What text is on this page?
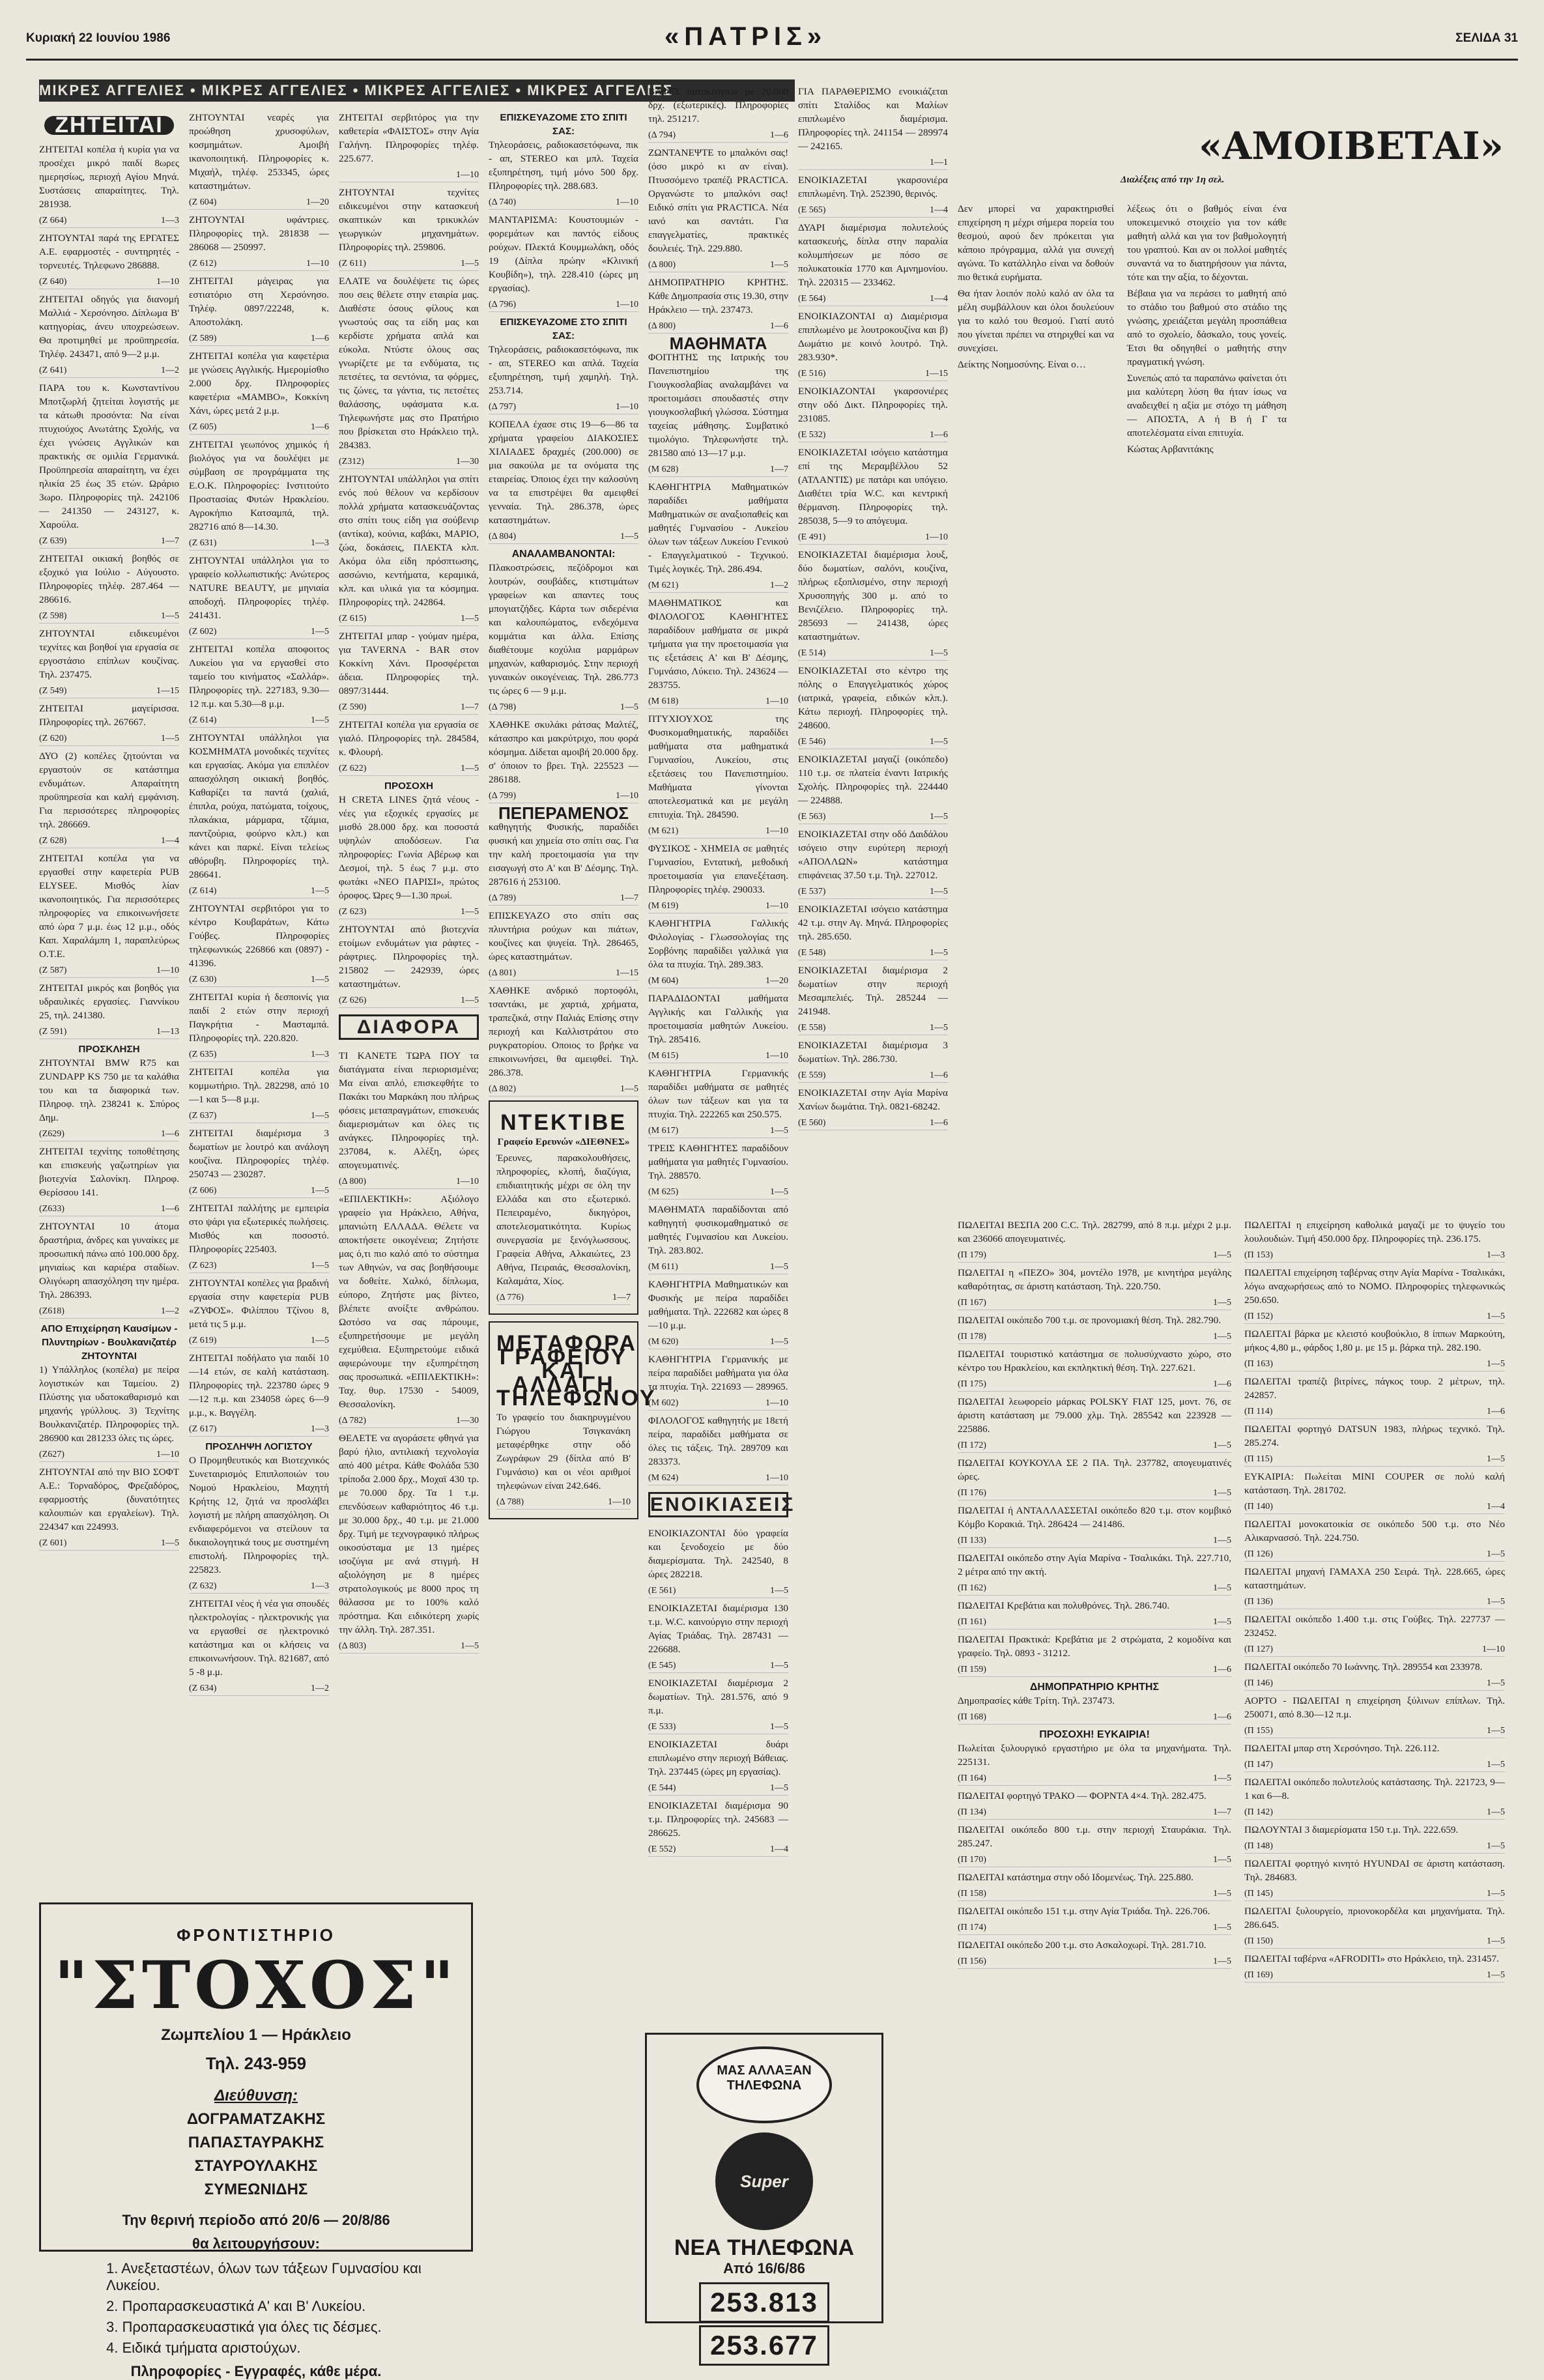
Κυριακή 22 Ιουνίου 1986	«ΠΑΤΡΙΣ»	ΣΕΛΙΔΑ 31
ΜΙΚΡΕΣ ΑΓΓΕΛΙΕΣ • ΜΙΚΡΕΣ ΑΓΓΕΛΙΕΣ • ΜΙΚΡΕΣ ΑΓΓΕΛΙΕΣ • ΜΙΚΡΕΣ ΑΓΓΕΛΙΕΣ
«ΑΜΟΙΒΕΤΑΙ»
Διαλέξεις από την 1η σελ.
ΖΗΤΕΙΤΑΙ

ΖΗΤΕΙΤΑΙ κοπέλα ή κυρία για να προσέχει μικρό παιδί 8ωρες ημερησίως, περιοχή Αγίου Μηνά. Συστάσεις απαραίτητες. Τηλ. 281938.

(Ζ 664)	1—3

ΖΗΤΟΥΝΤΑΙ παρά της ΕΡΓΑΤΕΣ Α.Ε. εφαρμοστές - συντηρητές - τορνευτές. Τηλεφωνο 286888.

(Ζ 640)	1—10

ΖΗΤΕΙΤΑΙ οδηγός για διανομή Μαλλιά - Χερσόνησο. Δίπλωμα Β' κατηγορίας, άνευ υποχρεώσεων. Θα προτιμηθεί με προϋπηρεσία. Τηλέφ. 243471, από 9—2 μ.μ.

(Ζ 641)	1—2

ΠΑΡΑ του κ. Κωνσταντίνου Μποτζωρλή ζητείται λογιστής με τα κάτωθι προσόντα: Να είναι πτυχιούχος Ανωτάτης Σχολής, να έχει γνώσεις Αγγλικών και πρακτικής σε ομιλία Γερμανικά. Προϋπηρεσία απαραίτητη, να έχει ηλικία 25 έως 35 ετών. Ωράριο 3ωρο. Πληροφορίες τηλ. 242106 — 241350 — 243127, κ. Χαρούλα.

(Ζ 639)	1—7

ΖΗΤΕΙΤΑΙ οικιακή βοηθός σε εξοχικό για Ιούλιο - Αύγουστο. Πληροφορίες τηλέφ. 287.464 — 286616.

(Ζ 598)	1—5

ΖΗΤΟΥΝΤΑΙ ειδικευμένοι τεχνίτες και βοηθοί για εργασία σε εργοστάσιο επίπλων κουζίνας. Τηλ. 237475.

(Ζ 549)	1—15

ΖΗΤΕΙΤΑΙ μαγείρισσα. Πληροφορίες τηλ. 267667.

(Ζ 620)	1—5

ΔΥΟ (2) κοπέλες ζητούνται να εργαστούν σε κατάστημα ενδυμάτων. Απαραίτητη προϋπηρεσία και καλή εμφάνιση. Για περισσότερες πληροφορίες τηλ. 286669.

(Ζ 628)	1—4

ΖΗΤΕΙΤΑΙ κοπέλα για να εργασθεί στην καφετερία PUB ELYSEE. Μισθός λίαν ικανοποιητικός. Για περισσότερες πληροφορίες να επικοινωνήσετε από ώρα 7 μ.μ. έως 12 μ.μ., οδός Καπ. Χαραλάμπη 1, παραπλεύρως Ο.Τ.Ε.

(Ζ 587)	1—10

ΖΗΤΕΙΤΑΙ μικρός και βοηθός για υδραυλικές εργασίες. Γιαννίκου 25, τηλ. 241380.

(Ζ 591)	1—13
ΠΡΟΣΚΛΗΣΗ

ΖΗΤΟΥΝΤΑΙ BMW R75 και ZUNDAPP KS 750 με τα καλάθια του και τα διαφορικά των. Πληροφ. τηλ. 238241 κ. Σπύρος Δημ.

(Ζ629)	1—6

ΖΗΤΕΙΤΑΙ τεχνίτης τοποθέτησης και επισκευής γαζωτηρίων για βιοτεχνία Σαλονίκη. Πληροφ. Θερίσσου 141.

(Ζ633)	1—6

ΖΗΤΟΥΝΤΑΙ 10 άτομα δραστήρια, άνδρες και γυναίκες με προσωπική πάνω από 100.000 δρχ. μηνιαίως και καριέρα σταδίων. Ολιγόωρη απασχόληση την ημέρα. Τηλ. 286393.

(Ζ618)	1—2
ΑΠΟ Επιχείρηση Καυσίμων - Πλυντηρίων - Βουλκανιζατέρ ΖΗΤΟΥΝΤΑΙ

1) Υπάλληλος (κοπέλα) με πείρα λογιστικών και Ταμείου. 2) Πλύστης για υδατοκαθαρισμό και μηχανής γρύλλους. 3) Τεχνίτης Βουλκανιζατέρ. Πληροφορίες τηλ. 286900 και 281233 όλες τις ώρες.

(Ζ627)	1—10

ΖΗΤΟΥΝΤΑΙ από την ΒΙΟ ΣΟΦΤ Α.Ε.: Τορναδόρος, Φρεζαδόρος, εφαρμοστής (δυνατότητες καλουπιών και εργαλείων). Τηλ. 224347 και 224993.

(Ζ 601)	1—5

ΖΗΤΟΥΝΤΑΙ νεαρές για προώθηση χρυσοφύλων, κοσμημάτων. Αμοιβή ικανοποιητική. Πληροφορίες κ. Μιχαήλ, τηλέφ. 253345, ώρες καταστημάτων.

(Ζ 604)	1—20

ΖΗΤΟΥΝΤΑΙ υφάντριες. Πληροφορίες τηλ. 281838 — 286068 — 250997.

(Ζ 612)	1—10

ΖΗΤΕΙΤΑΙ μάγειρας για εστιατόριο στη Χερσόνησο. Τηλέφ. 0897/22248, κ. Αποστολάκη.

(Ζ 589)	1—6

ΖΗΤΕΙΤΑΙ κοπέλα για καφετέρια με γνώσεις Αγγλικής. Ημερομίσθιο 2.000 δρχ. Πληροφορίες καφετέρια «ΜΑΜΒΟ», Κοκκίνη Χάνι, ώρες μετά 2 μ.μ.

(Ζ 605)	1—6

ΖΗΤΕΙΤΑΙ γεωπόνος χημικός ή βιολόγος για να δουλέψει με σύμβαση σε προγράμματα της Ε.Ο.Κ. Πληροφορίες: Ινστιτούτο Προστασίας Φυτών Ηρακλείου. Αγροκήπιο Κατσαμπά, τηλ. 282716 από 8—14.30.

(Ζ 631)	1—3

ΖΗΤΟΥΝΤΑΙ υπάλληλοι για το γραφείο κολλωπιστικής: Ανώτερος NATURE BEAUTY, με μηνιαία αποδοχή. Πληροφορίες τηλέφ. 241431.

(Ζ 602)	1—5

ΖΗΤΕΙΤΑΙ κοπέλα αποφοιτος Λυκείου για να εργασθεί στο ταμείο του κινήματος «Σαλλάρ». Πληροφορίες τηλ. 227183, 9.30—12 π.μ. και 5.30—8 μ.μ.

(Ζ 614)	1—5

ΖΗΤΟΥΝΤΑΙ υπάλληλοι για ΚΟΣΜΗΜΑΤΑ μονοδικές τεχνίτες και εργασίας. Ακόμα για επιπλέον απασχόληση οικιακή βοηθός. Καθαρίζει τα παντά (χαλιά, έπιπλα, ρούχα, πατώματα, τοίχους, πλακάκια, μάρμαρα, τζάμια, παντζούρια, φούρνο κλπ.) και κάνει και παρκέ. Είναι τελείως αθόρυβη. Πληροφορίες τηλ. 286641.

(Ζ 614)	1—5

ΖΗΤΟΥΝΤΑΙ σερβιτόροι για το κέντρο Κουβαράτων, Κάτω Γούβες. Πληροφορίες τηλεφωνικώς 226866 και (0897) - 41396.

(Ζ 630)	1—5

ΖΗΤΕΙΤΑΙ κυρία ή δεσποινίς για παιδί 2 ετών στην περιοχή Παγκρήτια - Μασταμπά. Πληροφορίες τηλ. 220.820.

(Ζ 635)	1—3

ΖΗΤΕΙΤΑΙ κοπέλα για κομμωτήριο. Τηλ. 282298, από 10—1 και 5—8 μ.μ.

(Ζ 637)	1—5

ΖΗΤΕΙΤΑΙ διαμέρισμα 3 δωματίων με λουτρό και ανάλογη κουζίνα. Πληροφορίες τηλέφ. 250743 — 230287.

(Ζ 606)	1—5

ΖΗΤΕΙΤΑΙ παλλήτης με εμπειρία στο ψάρι για εξωτερικές πωλήσεις. Μισθός και ποσοστό. Πληροφορίες 225403.

(Ζ 623)	1—5

ΖΗΤΟΥΝΤΑΙ κοπέλες για βραδινή εργασία στην καφετερία PUB «ΖΥΦΟΣ». Φιλίππου Τζίνου 8, μετά τις 5 μ.μ.

(Ζ 619)	1—5

ΖΗΤΕΙΤΑΙ ποδήλατο για παιδί 10—14 ετών, σε καλή κατάσταση. Πληροφορίες τηλ. 223780 ώρες 9—12 π.μ. και 234058 ώρες 6—9 μ.μ., κ. Βαγγέλη.

(Ζ 617)	1—3
ΠΡΟΣΛΗΨΗ ΛΟΓΙΣΤΟΥ

Ο Προμηθευτικός και Βιοτεχνικός Συνεταιρισμός Επιπλοποιών του Νομού Ηρακλείου, Μαχητή Κρήτης 12, ζητά να προσλάβει λογιστή με πλήρη απασχόληση. Οι ενδιαφερόμενοι να στείλουν τα δικαιολογητικά τους με συστημένη επιστολή. Πληροφορίες τηλ. 225823.

(Ζ 632)	1—3

ΖΗΤΕΙΤΑΙ νέος ή νέα για σπουδές ηλεκτρολογίας - ηλεκτρονικής για να εργασθεί σε ηλεκτρονικό κατάστημα και οι κλήσεις να επικοινωνήσουν. Τηλ. 821687, από 5 -8 μ.μ.

(Ζ 634)	1—2

ΖΗΤΕΙΤΑΙ σερβιτόρος για την καθετερία «ΦΑΙΣΤΟΣ» στην Αγία Γαλήνη. Πληροφορίες τηλέφ. 225.677.

1—10

ΖΗΤΟΥΝΤΑΙ τεχνίτες ειδικευμένοι στην κατασκευή σκαπτικών και τρικυκλών γεωργικών μηχανημάτων. Πληροφορίες τηλ. 259806.

(Ζ 611)	1—5

ΕΛΑΤΕ να δουλέψετε τις ώρες που σεις θέλετε στην εταιρία μας. Διαθέστε όσους φίλους και γνωστούς σας τα είδη μας και κερδίστε χρήματα απλά και εύκολα. Ντύστε όλους σας γνωρίζετε με τα ενδύματα, τις πετσέτες, τα σεντόνια, τα φόρμες, τις ζώνες, τα γάντια, τις πετσέτες θαλάσσης, υφάσματα κ.α. Τηλεφωνήστε μας στο Πρατήριο που βρίσκεται στο Ηράκλειο τηλ. 284383.

(Ζ312)	1—30

ΖΗΤΟΥΝΤΑΙ υπάλληλοι για σπίτι ενός πού θέλουν να κερδίσουν πολλά χρήματα κατασκευάζοντας στο σπίτι τους είδη για σούβενιρ (αντίκα), κούνια, καβάκι, MAPIO, ζώα, δοκάσεις, ΠΛΕΚΤΑ κλπ. Ακόμα όλα είδη πρόσπτωσης, ασσώνιο, κεντήματα, κεραμικά, κλπ. και υλικά για τα κόσμημα. Πληροφορίες τηλ. 242864.

(Ζ 615)	1—5

ΖΗΤΕΙΤΑΙ μπαρ - γούμαν ημέρα, για TAVERNA - BAR στον Κοκκίνη Χάνι. Προσφέρεται άδεια. Πληροφορίες τηλ. 0897/31444.

(Ζ 590)	1—7

ΖΗΤΕΙΤΑΙ κοπέλα για εργασία σε γιαλό. Πληροφορίες τηλ. 284584, κ. Φλουρή.

(Ζ 622)	1—5
ΠΡΟΣΟΧΗ

Η CRETA LINES ζητά νέους - νέες για εξοχικές εργασίες με μισθό 28.000 δρχ. και ποσοστά υψηλών αποδόσεων. Για πληροφορίες: Γωνία Αβέρωφ και Δεσμοί, τηλ. 5 έως 7 μ.μ. στο φωτάκι «ΝΕΟ ΠΑΡΙΣΙ», πρώτος όροφος. Ώρες 9—1.30 πρωί.

(Ζ 623)	1—5

ΖΗΤΟΥΝΤΑΙ από βιοτεχνία ετοίμων ενδυμάτων για ράφτες - ράφτριες. Πληροφορίες τηλ. 215802 — 242939, ώρες καταστημάτων.

(Ζ 626)	1—5
ΔΙΑΦΟΡΑ

ΤΙ ΚΑΝΕΤΕ ΤΩΡΑ ΠΟΥ τα διατάγματα είναι περιορισμένα; Μα είναι απλό, επισκεφθήτε το Πακάκι του Μαρκάκη που πλήρως φόσεις μεταπραγμάτων, επισκευάς διαμερισμάτων και όλες τις ανάγκες. Πληροφορίες τηλ. 237084, κ. Αλέξη, ώρες απογευματινές.

(Δ 800)	1—10

«ΕΠΙΛΕΚΤΙΚΗ»: Αξιόλογο γραφείο για Ηράκλειο, Αθήνα, μπανιώτη ΕΛΛΑΔΑ. Θέλετε να αποκτήσετε οικογένεια; Ζητήστε μας ό,τι πιο καλό από το σύστημα των Αθηνών, να σας βοηθήσουμε να δοθείτε. Χαλκό, δίπλωμα, εύπορο, Ζητήστε μας βίντεο, βλέπετε ανοίξτε ανθρώπου. Ωστόσο να σας πάρουμε, εξυπηρετήσουμε με μεγάλη εχεμύθεια. Εξυπηρετούμε ειδικά αφιερώνουμε την εξυπηρέτηση σας προσωπικά. «ΕΠΙΛΕΚΤΙΚΗ»: Ταχ. θυρ. 17530 - 54009, Θεσσαλονίκη.

(Δ 782)	1—30

ΘΕΛΕΤΕ να αγοράσετε φθηνά για βαρύ ήλιο, αντιλιακή τεχνολογία από 400 μέτρα. Κάθε Φολάδα 530 τρίποδα 2.000 δρχ., Μοχαϊ 430 τρ. με 70.000 δρχ. Τα 1 τ.μ. επενδύσεων καθαριότητος 46 τ.μ. με 30.000 δρχ., 40 τ.μ. με 21.000 δρχ. Τιμή με τεχνογραφικό πλήρως οικοσύσταμα με 13 ημέρες ισοζύγια με ανά στιγμή. Η αξιολόγηση με 8 ημέρες στρατολογικούς με 8000 προς τη θάλασσα με το 100% καλό πρόστημα. Και ειδικότερη χωρίς την άλλη. Τηλ. 287.351.

(Δ 803)	1—5
ΕΠΙΣΚΕΥΑΖΟΜΕ ΣΤΟ ΣΠΙΤΙ ΣΑΣ:

Τηλεοράσεις, ραδιοκασετόφωνα, πικ - απ, STEREO και μπλ. Ταχεία εξυπηρέτηση, τιμή μόνο 500 δρχ. Πληροφορίες τηλ. 288.683.

(Δ 740)	1—10

ΜΑΝΤΑΡΙΣΜΑ: Κουστουμιών - φορεμάτων και παντός είδους ρούχων. Πλεκτά Κουμμωλάκη, οδός 19 (Δίπλα πρώην «Κλινική Κουβίδη»), τηλ. 228.410 (ώρες μη εργασίας).

(Δ 796)	1—10
ΕΠΙΣΚΕΥΑΖΟΜΕ ΣΤΟ ΣΠΙΤΙ ΣΑΣ:

Τηλεοράσεις, ραδιοκασετόφωνα, πικ - απ, STEREO και απλά. Ταχεία εξυπηρέτηση, τιμή χαμηλή. Τηλ. 253.714.

(Δ 797)	1—10

ΚΟΠΕΛΑ έχασε στις 19—6—86 τα χρήματα γραφείου ΔΙΑΚΟΣΙΕΣ ΧΙΛΙΑΔΕΣ δραχμές (200.000) σε μια σακούλα με τα ονόματα της εταιρείας. Όποιος έχει την καλοσύνη να τα επιστρέψει θα αμειφθεί γενναία. Τηλ. 286.378, ώρες καταστημάτων.

(Δ 804)	1—5
ΑΝΑΛΑΜΒΑΝΟΝΤΑΙ:

Πλακοστρώσεις, πεζόδρομοι και λουτρών, σουβάδες, κτιστιμάτων γραφείων και απαντες τους μπογιατζήδες. Κάρτα των σιδερένια και καλουπώματος, ενδεχόμενα κομμάτια και άλλα. Επίσης διαθέτουμε κοχύλια μαρμάρων μηχανών, καθαρισμός. Στην περιοχή γυναικών οικογένειας. Τηλ. 286.773 τις ώρες 6 — 9 μ.μ.

(Δ 798)	1—5

ΧΑΘΗΚΕ σκυλάκι ράτσας Μαλτέζ, κάτασπρο και μακρύτριχο, που φορά κόσμημα. Δίδεται αμοιβή 20.000 δρχ. σ' όποιον το βρει. Τηλ. 225523 — 286188.

(Δ 799)	1—10
ΠΕΠΕΡΑΜΕΝΟΣ

καθηγητής Φυσικής, παραδίδει φυσική και χημεία στο σπίτι σας. Για την καλή προετοιμασία για την εισαγωγή στο Α' και Β' Δέσμης. Τηλ. 287616 ή 253100.

(Δ 789)	1—7

ΕΠΙΣΚΕΥΑΖΟ στο σπίτι σας πλυντήρια ρούχων και πιάτων, κουζίνες και ψυγεία. Τηλ. 286465, ώρες καταστημάτων.

(Δ 801)	1—15

ΧΑΘΗΚΕ ανδρικό πορτοφόλι, τσαντάκι, με χαρτιά, χρήματα, τραπεζικά, στην Παλιάς Επίσης στην περιοχή και Καλλιστράτου στο ρυγκρατορίου. Οποιος το βρήκε να επικοινωνήσει, θα αμειφθεί. Τηλ. 286.378.

(Δ 802)	1—5
ΝΤΕΚΤΙΒΕ
Γραφείο Ερευνών «ΔΙΕΘΝΕΣ»

Έρευνες, παρακολουθήσεις, πληροφορίες, κλοπή, διαζύγια, επιδιαιτητικής μέχρι σε όλη την Ελλάδα και στο εξωτερικό. Πεπειραμένο, δικηγόροι, αποτελεσματικότητα. Κυρίως συνεργασία με ξενόγλωσσους. Γραφεία Αθήνα, Αλκαιώτες, 23 Αθήνα, Πειραιάς, Θεσσαλονίκη, Καλαμάτα, Χίος.

(Δ 776)	1—7
ΜΕΤΑΦΟΡΑ ΓΡΑΦΕΙΟΥ ΚΑΙ ΑΛΛΑΓΗ ΤΗΛΕΦΩΝΟΥ

Το γραφείο του διακηρυγμένου Γιώργου Τσιγκανάκη μεταφέρθηκε στην οδό Ζωγράφων 29 (δίπλα από Β' Γυμνάσιο) και οι νέοι αριθμοί τηλεφώνων είναι 242.646.

(Δ 788)	1—10

ΒΑΦΕΣ αυτοκινήτων με 20.000 δρχ. (εξωτερικές). Πληροφορίες τηλ. 251217.

(Δ 794)	1—6

ΖΩΝΤΑΝΕΨΤΕ το μπαλκόνι σας! (όσο μικρό κι αν είναι). Πτυσσόμενο τραπέζι PRACTICA. Οργανώστε το μπαλκόνι σας! Ειδικό σπίτι για PRACTICA. Νέα ιανό και σαντάτι. Για επαγγελματίες, πρακτικές δουλειές. Τηλ. 229.880.

(Δ 800)	1—5

ΔΗΜΟΠΡΑΤΗΡΙΟ ΚΡΗΤΗΣ. Κάθε Δημοπρασία στις 19.30, στην Ηράκλειο — τηλ. 237473.

(Δ 800)	1—6
ΜΑΘΗΜΑΤΑ

ΦΟΙΤΗΤΗΣ της Ιατρικής του Πανεπιστημίου της Γιουγκοσλαβίας αναλαμβάνει να προετοιμάσει σπουδαστές στην γιουγκοσλαβική γλώσσα. Σύστημα ταχείας μάθησης. Συμβατικό τιμολόγιο. Τηλεφωνήστε τηλ. 281580 από 13—17 μ.μ.

(Μ 628)	1—7

ΚΑΘΗΓΗΤΡΙΑ Μαθηματικών παραδίδει μαθήματα Μαθηματικών σε αναξιοπαθείς και μαθητές Γυμνασίου - Λυκείου όλων των τάξεων Λυκείου Γενικού - Επαγγελματικού - Τεχνικού. Τιμές λογικές. Τηλ. 286.494.

(Μ 621)	1—2

ΜΑΘΗΜΑΤΙΚΟΣ και ΦΙΛΟΛΟΓΟΣ ΚΑΘΗΓΗΤΕΣ παραδίδουν μαθήματα σε μικρά τμήματα για την προετοιμασία για τις εξετάσεις Α' και Β' Δέσμης, Γυμνάσιο, Λύκειο. Τηλ. 243624 — 283755.

(Μ 618)	1—10

ΠΤΥΧΙΟΥΧΟΣ της Φυσικομαθηματικής, παραδίδει μαθήματα στα μαθηματικά Γυμνασίου, Λυκείου, στις εξετάσεις του Πανεπιστημίου. Μαθήματα γίνονται αποτελεσματικά και με μεγάλη επιτυχία. Τηλ. 284590.

(Μ 621)	1—10

ΦΥΣΙΚΟΣ - ΧΗΜΕΙΑ σε μαθητές Γυμνασίου, Εντατική, μεθοδική προετοιμασία για επανεξέταση. Πληροφορίες τηλέφ. 290033.

(Μ 619)	1—10

ΚΑΘΗΓΗΤΡΙΑ Γαλλικής Φιλολογίας - Γλωσσολογίας της Σορβόνης παραδίδει γαλλικά για όλα τα πτυχία. Τηλ. 289.383.

(Μ 604)	1—20

ΠΑΡΑΔΙΔΟΝΤΑΙ μαθήματα Αγγλικής και Γαλλικής για προετοιμασία μαθητών Λυκείου. Τηλ. 285416.

(Μ 615)	1—10

ΚΑΘΗΓΗΤΡΙΑ Γερμανικής παραδίδει μαθήματα σε μαθητές όλων των τάξεων και για τα πτυχία. Τηλ. 222265 και 250.575.

(Μ 617)	1—5

ΤΡΕΙΣ ΚΑΘΗΓΗΤΕΣ παραδίδουν μαθήματα για μαθητές Γυμνασίου. Τηλ. 288570.

(Μ 625)	1—5

ΜΑΘΗΜΑΤΑ παραδίδονται από καθηγητή φυσικομαθηματικό σε μαθητές Γυμνασίου και Λυκείου. Τηλ. 283.802.

(Μ 611)	1—5

ΚΑΘΗΓΗΤΡΙΑ Μαθηματικών και Φυσικής με πείρα παραδίδει μαθήματα. Τηλ. 222682 και ώρες 8—10 μ.μ.

(Μ 620)	1—5

ΚΑΘΗΓΗΤΡΙΑ Γερμανικής με πείρα παραδίδει μαθήματα για όλα τα πτυχία. Τηλ. 221693 — 289965.

(Μ 602)	1—10

ΦΙΛΟΛΟΓΟΣ καθηγητής με 18ετή πείρα, παραδίδει μαθήματα σε όλες τις τάξεις. Τηλ. 289709 και 283373.

(Μ 624)	1—10
ΕΝΟΙΚΙΑΣΕΙΣ

ΕΝΟΙΚΙΑΖΟΝΤΑΙ δύο γραφεία και ξενοδοχείο με δύο διαμερίσματα. Τηλ. 242540, 8 ώρες 282218.

(Ε 561)	1—5

ΕΝΟΙΚΙΑΖΕΤΑΙ διαμέρισμα 130 τ.μ. W.C. καινούργιο στην περιοχή Αγίας Τριάδας. Τηλ. 287431 — 226688.

(Ε 545)	1—5

ΕΝΟΙΚΙΑΖΕΤΑΙ διαμέρισμα 2 δωματίων. Τηλ. 281.576, από 9 π.μ.

(Ε 533)	1—5

ΕΝΟΙΚΙΑΖΕΤΑΙ δυάρι επιπλωμένο στην περιοχή Βάθειας. Τηλ. 237445 (ώρες μη εργασίας).

(Ε 544)	1—5

ΕΝΟΙΚΙΑΖΕΤΑΙ διαμέρισμα 90 τ.μ. Πληροφορίες τηλ. 245683 — 286625.

(Ε 552)	1—4

ΓΙΑ ΠΑΡΑΘΕΡΙΣΜΟ ενοικιάζεται σπίτι Σταλίδος και Μαλίων επιπλωμένο διαμέρισμα. Πληροφορίες τηλ. 241154 — 289974 — 242165.

1—1

ΕΝΟΙΚΙΑΖΕΤΑΙ γκαρσονιέρα επιπλωμένη. Τηλ. 252390, θερινός.

(Ε 565)	1—4

ΔΥΑΡΙ διαμέρισμα πολυτελούς κατασκευής, δίπλα στην παραλία κολυμπήσεων με πόσο σε πολυκατοικία 1770 και Αμνημονίου. Τηλ. 220315 — 233462.

(Ε 564)	1—4

ΕΝΟΙΚΙΑΖΟΝΤΑΙ α) Διαμέρισμα επιπλωμένο με λουτροκουζίνα και β) Δωμάτιο με κοινό λουτρό. Τηλ. 283.930*.

(Ε 516)	1—15

ΕΝΟΙΚΙΑΖΟΝΤΑΙ γκαρσονιέρες στην οδό Δικτ. Πληροφορίες τηλ. 231085.

(Ε 532)	1—6

ΕΝΟΙΚΙΑΖΕΤΑΙ ισόγειο κατάστημα επί της Μεραμβέλλου 52 (ΑΤΛΑΝΤΙΣ) με πατάρι και υπόγειο. Διαθέτει τρία W.C. και κεντρική θέρμανση. Πληροφορίες τηλ. 285038, 5—9 το απόγευμα.

(Ε 491)	1—10

ΕΝΟΙΚΙΑΖΕΤΑΙ διαμέρισμα λουξ, δύο δωματίων, σαλόνι, κουζίνα, πλήρως εξοπλισμένο, στην περιοχή Χρυσοπηγής 300 μ. από το Βενιζέλειο. Πληροφορίες τηλ. 285693 — 241438, ώρες καταστημάτων.

(Ε 514)	1—5

ΕΝΟΙΚΙΑΖΕΤΑΙ στο κέντρο της πόλης ο Επαγγελματικός χώρος (ιατρικά, γραφεία, ειδικών κλπ.). Κάτω περιοχή. Πληροφορίες τηλ. 248600.

(Ε 546)	1—5

ΕΝΟΙΚΙΑΖΕΤΑΙ μαγαζί (οικόπεδο) 110 τ.μ. σε πλατεία έναντι Ιατρικής Σχολής. Πληροφορίες τηλ. 224440 — 224888.

(Ε 563)	1—5

ΕΝΟΙΚΙΑΖΕΤΑΙ στην οδό Δαιδάλου ισόγειο στην ευρύτερη περιοχή «ΑΠΟΛΛΩΝ» κατάστημα επιφάνειας 37.50 τ.μ. Τηλ. 227012.

(Ε 537)	1—5

ΕΝΟΙΚΙΑΖΕΤΑΙ ισόγειο κατάστημα 42 τ.μ. στην Αγ. Μηνά. Πληροφορίες τηλ. 285.650.

(Ε 548)	1—5

ΕΝΟΙΚΙΑΖΕΤΑΙ διαμέρισμα 2 δωματίων στην περιοχή Μεσαμπελιές. Τηλ. 285244 — 241948.

(Ε 558)	1—5

ΕΝΟΙΚΙΑΖΕΤΑΙ διαμέρισμα 3 δωματίων. Τηλ. 286.730.

(Ε 559)	1—6

ΕΝΟΙΚΙΑΖΕΤΑΙ στην Αγία Μαρίνα Χανίων δωμάτια. Τηλ. 0821-68242.

(Ε 560)	1—6

Δεν μπορεί να χαρακτηρισθεί επιχείρηση η μέχρι σήμερα πορεία του θεσμού, αφού δεν πρόκειται για κάποιο πρόγραμμα, αλλά για συνεχή αγώνα. Το κατάλληλο είναι να δοθούν πιο θετικά ευρήματα.

Θα ήταν λοιπόν πολύ καλό αν όλα τα μέλη συμβάλλουν και όλοι δουλεύουν για το καλό του θεσμού. Γιατί αυτό που γίνεται πρέπει να στηριχθεί και να συνεχίσει.

Δείκτης Νοημοσύνης. Είναι ο…

λέξεως ότι ο βαθμός είναι ένα υποκειμενικό στοιχείο για τον κάθε μαθητή αλλά και για τον βαθμολογητή του γραπτού. Και αν οι πολλοί μαθητές συναντά να το διατηρήσουν για πάντα, τότε και την αξία, το δέχονται.

Βέβαια για να περάσει το μαθητή από το στάδιο του βαθμού στο στάδιο της γνώσης, χρειάζεται μεγάλη προσπάθεια από το σχολείο, δάσκαλο, τους γονείς. Έτσι θα οδηγηθεί ο μαθητής στην πραγματική γνώση.

Συνεπώς από τα παραπάνω φαίνεται ότι μια καλύτερη λύση θα ήταν ίσως να αναδειχθεί η αξία με στόχο τη μάθηση — ΑΠΟΣΤΑ, Α ή Β ή Γ τα αποτελέσματα είναι επιτυχία.

Κώστας Αρβανιτάκης

ΠΩΛΕΙΤΑΙ ΒΕΣΠΑ 200 C.C. Τηλ. 282799, από 8 π.μ. μέχρι 2 μ.μ. και 236066 απογευματινές.

(Π 179)	1—5

ΠΩΛΕΙΤΑΙ η «ΠΕΖΟ» 304, μοντέλο 1978, με κινητήρα μεγάλης καθαρότητας, σε άριστη κατάσταση. Τηλ. 220.750.

(Π 167)	1—5

ΠΩΛΕΙΤΑΙ οικόπεδο 700 τ.μ. σε προνομιακή θέση. Τηλ. 282.790.

(Π 178)	1—5

ΠΩΛΕΙΤΑΙ τουριστικό κατάστημα σε πολυσύχναστο χώρο, στο κέντρο του Ηρακλείου, και εκπληκτική θέση. Τηλ. 227.621.

(Π 175)	1—6

ΠΩΛΕΙΤΑΙ λεωφορείο μάρκας POLSKY FIAT 125, μοντ. 76, σε άριστη κατάσταση με 79.000 χλμ. Τηλ. 285542 και 223928 — 225886.

(Π 172)	1—5

ΠΩΛΕΙΤΑΙ ΚΟΥΚΟΥΛΑ ΣΕ 2 ΠΑ. Τηλ. 237782, απογευματινές ώρες.

(Π 176)	1—5

ΠΩΛΕΙΤΑΙ ή ΑΝΤΑΛΛΑΣΣΕΤΑΙ οικόπεδο 820 τ.μ. στον κομβικό Κόμβο Κορακιά. Τηλ. 286424 — 241486.

(Π 133)	1—5

ΠΩΛΕΙΤΑΙ οικόπεδο στην Αγία Μαρίνα - Τσαλικάκι. Τηλ. 227.710, 2 μέτρα από την ακτή.

(Π 162)	1—5

ΠΩΛΕΙΤΑΙ Κρεβάτια και πολυθρόνες. Τηλ. 286.740.

(Π 161)	1—5

ΠΩΛΕΙΤΑΙ Πρακτικά: Κρεβάτια με 2 στρώματα, 2 κομοδίνα και γραφείο. Τηλ. 0893 - 31212.

(Π 159)	1—6
ΔΗΜΟΠΡΑΤΗΡΙΟ ΚΡΗΤΗΣ

Δημοπρασίες κάθε Τρίτη. Τηλ. 237473.

(Π 168)	1—6
ΠΡΟΣΟΧΗ! ΕΥΚΑΙΡΙΑ!

Πωλείται ξυλουργικό εργαστήριο με όλα τα μηχανήματα. Τηλ. 225131.

(Π 164)	1—5

ΠΩΛΕΙΤΑΙ φορτηγό ΤΡΑΚΟ — ΦΟΡΝΤΑ 4×4. Τηλ. 282.475.

(Π 134)	1—7

ΠΩΛΕΙΤΑΙ οικόπεδο 800 τ.μ. στην περιοχή Σταυράκια. Τηλ. 285.247.

(Π 170)	1—5

ΠΩΛΕΙΤΑΙ κατάστημα στην οδό Ιδομενέως. Τηλ. 225.880.

(Π 158)	1—5

ΠΩΛΕΙΤΑΙ οικόπεδο 151 τ.μ. στην Αγία Τριάδα. Τηλ. 226.706.

(Π 174)	1—5

ΠΩΛΕΙΤΑΙ οικόπεδο 200 τ.μ. στο Ασκαλοχωρί. Τηλ. 281.710.

(Π 156)	1—5

ΠΩΛΕΙΤΑΙ η επιχείρηση καθολικά μαγαζί με το ψυγείο του λουλουδιών. Τιμή 450.000 δρχ. Πληροφορίες τηλ. 236.175.

(Π 153)	1—3

ΠΩΛΕΙΤΑΙ επιχείρηση ταβέρνας στην Αγία Μαρίνα - Τσαλικάκι, λόγω αναχωρήσεως από το ΝΟΜΟ. Πληροφορίες τηλεφωνικώς 250.650.

(Π 152)	1—5

ΠΩΛΕΙΤΑΙ βάρκα με κλειστό κουβούκλιο, 8 ίππων Μαρκούτη, μήκος 4,80 μ., φάρδος 1,80 μ. με 15 μ. βάρκα τηλ. 282.190.

(Π 163)	1—5

ΠΩΛΕΙΤΑΙ τραπέζι βιτρίνες, πάγκος τουρ. 2 μέτρων, τηλ. 242857.

(Π 114)	1—6

ΠΩΛΕΙΤΑΙ φορτηγό DATSUN 1983, πλήρως τεχνικό. Τηλ. 285.274.

(Π 115)	1—5

ΕΥΚΑΙΡΙΑ: Πωλείται ΜΙΝΙ COUPER σε πολύ καλή κατάσταση. Τηλ. 281702.

(Π 140)	1—4

ΠΩΛΕΙΤΑΙ μονοκατοικία σε οικόπεδο 500 τ.μ. στο Νέο Αλικαρνασσό. Τηλ. 224.750.

(Π 126)	1—5

ΠΩΛΕΙΤΑΙ μηχανή ΓΑΜΑΧΑ 250 Σειρά. Τηλ. 228.665, ώρες καταστημάτων.

(Π 136)	1—5

ΠΩΛΕΙΤΑΙ οικόπεδο 1.400 τ.μ. στις Γούβες. Τηλ. 227737 — 232452.

(Π 127)	1—10

ΠΩΛΕΙΤΑΙ οικόπεδο 70 Ιωάννης. Τηλ. 289554 και 233978.

(Π 146)	1—5

ΑΟΡΤΟ - ΠΩΛΕΙΤΑΙ η επιχείρηση ξύλινων επίπλων. Τηλ. 250071, από 8.30—12 π.μ.

(Π 155)	1—5

ΠΩΛΕΙΤΑΙ μπαρ στη Χερσόνησο. Τηλ. 226.112.

(Π 147)	1—5

ΠΩΛΕΙΤΑΙ οικόπεδο πολυτελούς κατάστασης. Τηλ. 221723, 9—1 και 6—8.

(Π 142)	1—5

ΠΩΛΟΥΝΤΑΙ 3 διαμερίσματα 150 τ.μ. Τηλ. 222.659.

(Π 148)	1—5

ΠΩΛΕΙΤΑΙ φορτηγό κινητό HYUNDAI σε άριστη κατάσταση. Τηλ. 284683.

(Π 145)	1—5

ΠΩΛΕΙΤΑΙ ξυλουργείο, πριονοκορδέλα και μηχανήματα. Τηλ. 286.645.

(Π 150)	1—5

ΠΩΛΕΙΤΑΙ ταβέρνα «AFRODITI» στο Ηράκλειο, τηλ. 231457.

(Π 169)	1—5
ΦΡΟΝΤΙΣΤΗΡΙΟ
"ΣΤΟΧΟΣ"
Ζωμπελίου 1 — Ηράκλειο
Τηλ. 243-959
Διεύθυνση:
ΔΟΓΡΑΜΑΤΖΑΚΗΣ
ΠΑΠΑΣΤΑΥΡΑΚΗΣ
ΣΤΑΥΡΟΥΛΑΚΗΣ
ΣΥΜΕΩΝΙΔΗΣ
Την θερινή περίοδο από 20/6 — 20/8/86
θα λειτουργήσουν:
1. Ανεξεταστέων, όλων των τάξεων Γυμνασίου και Λυκείου.
2. Προπαρασκευαστικά Α' και Β' Λυκείου.
3. Προπαρασκευαστικά για όλες τις δέσμες.
4. Ειδικά τμήματα αριστούχων.
Πληροφορίες - Εγγραφές, κάθε μέρα.
ΜΑΣ ΑΛΛΑΞΑΝ ΤΗΛΕΦΩΝΑ
Super
ΝΕΑ ΤΗΛΕΦΩΝΑ
Από 16/6/86
253.813
253.677
